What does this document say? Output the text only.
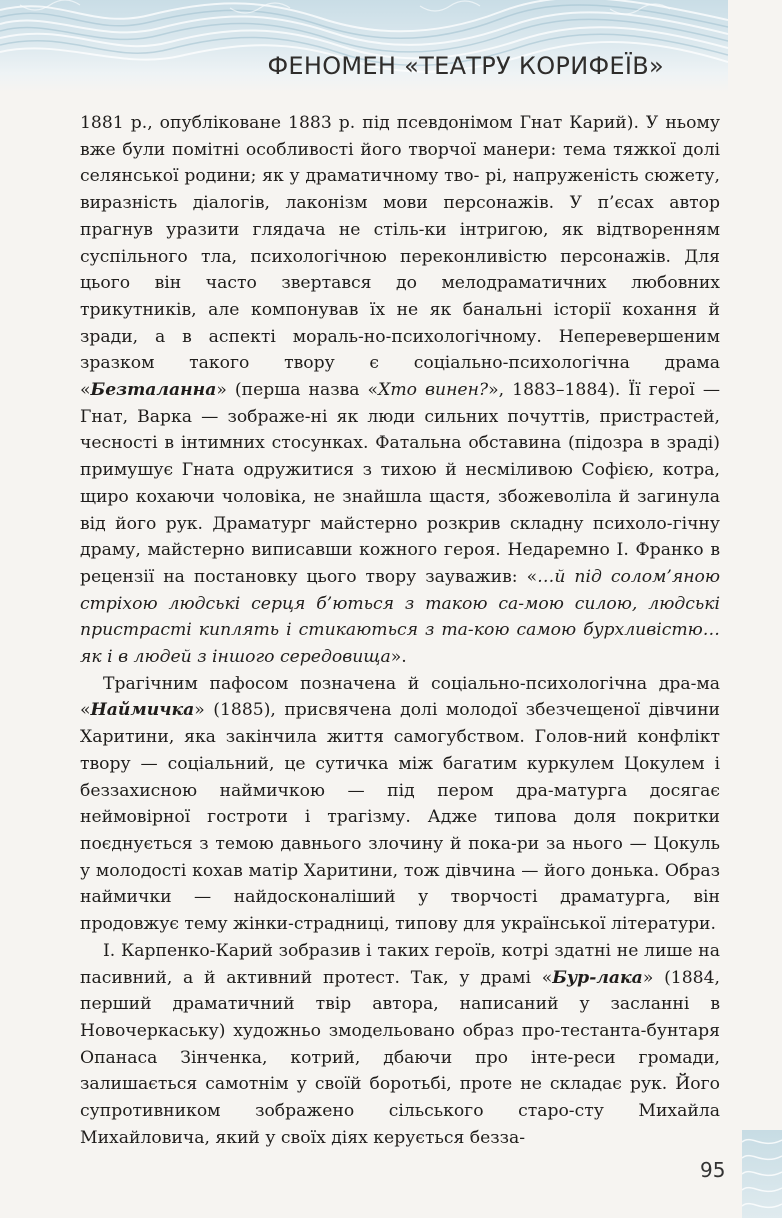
ФЕНОМЕН «ТЕАТРУ КОРИФЕЇВ»

1881 р., опубліковане 1883 р. під псевдонімом Гнат Карий). У ньому вже були помітні особливості його творчої манери: тема тяжкої долі селянської родини; як у драматичному тво- рі, напруженість сюжету, виразність діалогів, лаконізм мови персонажів. У п’єсах автор прагнув уразити глядача не стіль-ки інтригою, як відтворенням суспільного тла, психологічною переконливістю персонажів. Для цього він часто звертався до мелодраматичних любовних трикутників, але компонував їх не як банальні історії кохання й зради, а в аспекті мораль-но-психологічному. Неперевершеним зразком такого твору є соціально-психологічна драма «Безталанна» (перша назва «Хто винен?», 1883–1884). Її герої — Гнат, Варка — зображе-ні як люди сильних почуттів, пристрастей, чесності в інтимних стосунках. Фатальна обставина (підозра в зраді) примушує Гната одружитися з тихою й несміливою Софією, котра, щиро кохаючи чоловіка, не знайшла щастя, збожеволіла й загинула від його рук. Драматург майстерно розкрив складну психоло-гічну драму, майстерно виписавши кожного героя. Недаремно І. Франко в рецензії на постановку цього твору зауважив: «…й під солом’яною стріхою людські серця б’ються з такою са-мою силою, людські пристрасті киплять і стикаються з та-кою самою бурхливістю… як і в людей з іншого середовища».

Трагічним пафосом позначена й соціально-психологічна дра-ма «Наймичка» (1885), присвячена долі молодої збезчещеної дівчини Харитини, яка закінчила життя самогубством. Голов-ний конфлікт твору — соціальний, це сутичка між багатим куркулем Цокулем і беззахисною наймичкою — під пером дра-матурга досягає неймовірної гостроти і трагізму. Адже типова доля покритки поєднується з темою давнього злочину й пока-ри за нього — Цокуль у молодості кохав матір Харитини, тож дівчина — його донька. Образ наймички — найдосконаліший у творчості драматурга, він продовжує тему жінки-страдниці, типову для української літератури.

І. Карпенко-Карий зобразив і таких героїв, котрі здатні не лише на пасивний, а й активний протест. Так, у драмі «Бур-лака» (1884, перший драматичний твір автора, написаний у засланні в Новочеркаську) художньо змодельовано образ про-тестанта-бунтаря Опанаса Зінченка, котрий, дбаючи про інте-реси громади, залишається самотнім у своїй боротьбі, проте не складає рук. Його супротивником зображено сільського старо-сту Михайла Михайловича, який у своїх діях керується безза-

95
